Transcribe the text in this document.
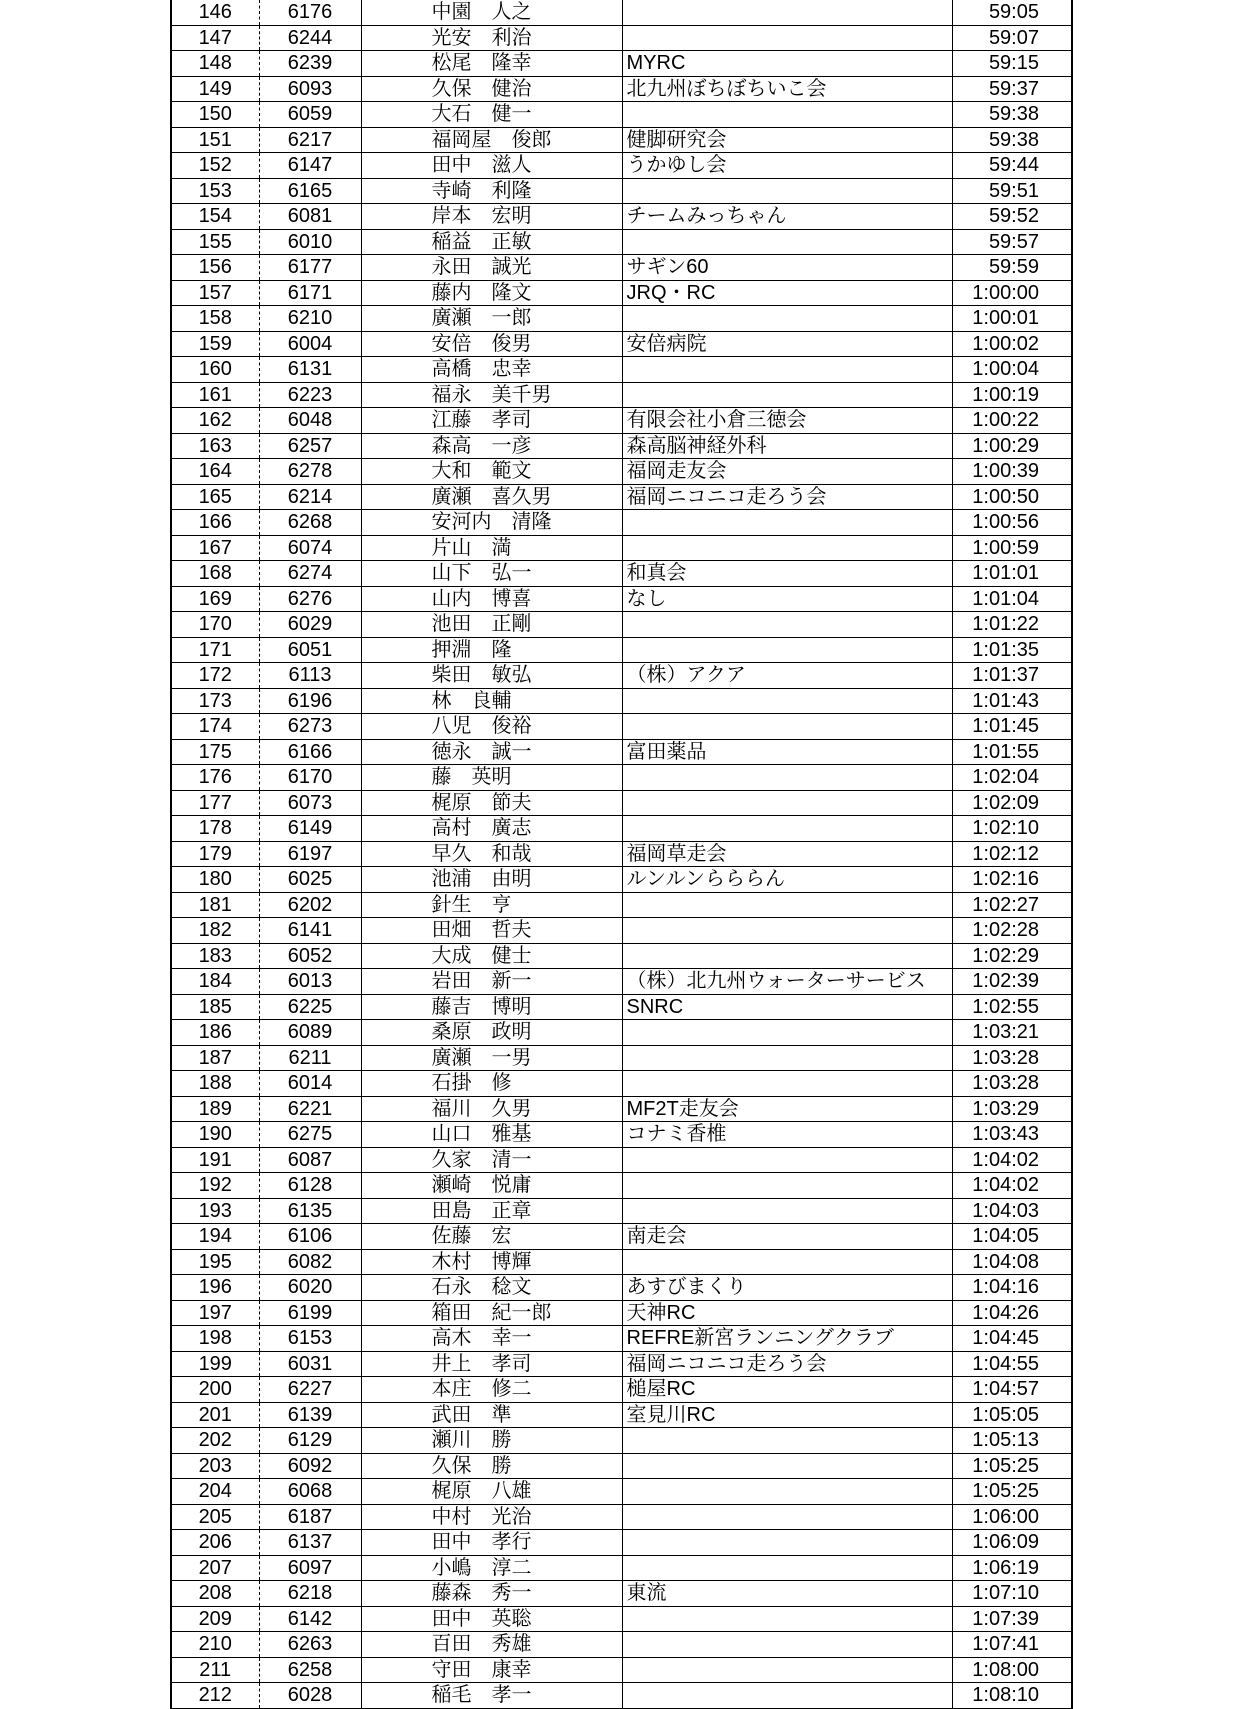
146	6176	中園　人之		59:05
147	6244	光安　利治		59:07
148	6239	松尾　隆幸	MYRC	59:15
149	6093	久保　健治	北九州ぼちぼちいこ会	59:37
150	6059	大石　健一		59:38
151	6217	福岡屋　俊郎	健脚研究会	59:38
152	6147	田中　滋人	うかゆし会	59:44
153	6165	寺崎　利隆		59:51
154	6081	岸本　宏明	チームみっちゃん	59:52
155	6010	稲益　正敏		59:57
156	6177	永田　誠光	サギン60	59:59
157	6171	藤内　隆文	JRQ・RC	1:00:00
158	6210	廣瀬　一郎		1:00:01
159	6004	安倍　俊男	安倍病院	1:00:02
160	6131	高橋　忠幸		1:00:04
161	6223	福永　美千男		1:00:19
162	6048	江藤　孝司	有限会社小倉三徳会	1:00:22
163	6257	森高　一彦	森高脳神経外科	1:00:29
164	6278	大和　範文	福岡走友会	1:00:39
165	6214	廣瀬　喜久男	福岡ニコニコ走ろう会	1:00:50
166	6268	安河内　清隆		1:00:56
167	6074	片山　満		1:00:59
168	6274	山下　弘一	和真会	1:01:01
169	6276	山内　博喜	なし	1:01:04
170	6029	池田　正剛		1:01:22
171	6051	押淵　隆		1:01:35
172	6113	柴田　敏弘	（株）アクア	1:01:37
173	6196	林　良輔		1:01:43
174	6273	八児　俊裕		1:01:45
175	6166	徳永　誠一	富田薬品	1:01:55
176	6170	藤　英明		1:02:04
177	6073	梶原　節夫		1:02:09
178	6149	高村　廣志		1:02:10
179	6197	早久　和哉	福岡草走会	1:02:12
180	6025	池浦　由明	ルンルンらららん	1:02:16
181	6202	針生　亨		1:02:27
182	6141	田畑　哲夫		1:02:28
183	6052	大成　健士		1:02:29
184	6013	岩田　新一	（株）北九州ウォーターサービス	1:02:39
185	6225	藤吉　博明	SNRC	1:02:55
186	6089	桑原　政明		1:03:21
187	6211	廣瀬　一男		1:03:28
188	6014	石掛　修		1:03:28
189	6221	福川　久男	MF2T走友会	1:03:29
190	6275	山口　雅基	コナミ香椎	1:03:43
191	6087	久家　清一		1:04:02
192	6128	瀬崎　悦庸		1:04:02
193	6135	田島　正章		1:04:03
194	6106	佐藤　宏	南走会	1:04:05
195	6082	木村　博輝		1:04:08
196	6020	石永　稔文	あすびまくり	1:04:16
197	6199	箱田　紀一郎	天神RC	1:04:26
198	6153	高木　幸一	REFRE新宮ランニングクラブ	1:04:45
199	6031	井上　孝司	福岡ニコニコ走ろう会	1:04:55
200	6227	本庄　修二	槌屋RC	1:04:57
201	6139	武田　準	室見川RC	1:05:05
202	6129	瀬川　勝		1:05:13
203	6092	久保　勝		1:05:25
204	6068	梶原　八雄		1:05:25
205	6187	中村　光治		1:06:00
206	6137	田中　孝行		1:06:09
207	6097	小嶋　淳二		1:06:19
208	6218	藤森　秀一	東流	1:07:10
209	6142	田中　英聡		1:07:39
210	6263	百田　秀雄		1:07:41
211	6258	守田　康幸		1:08:00
212	6028	稲毛　孝一		1:08:10
